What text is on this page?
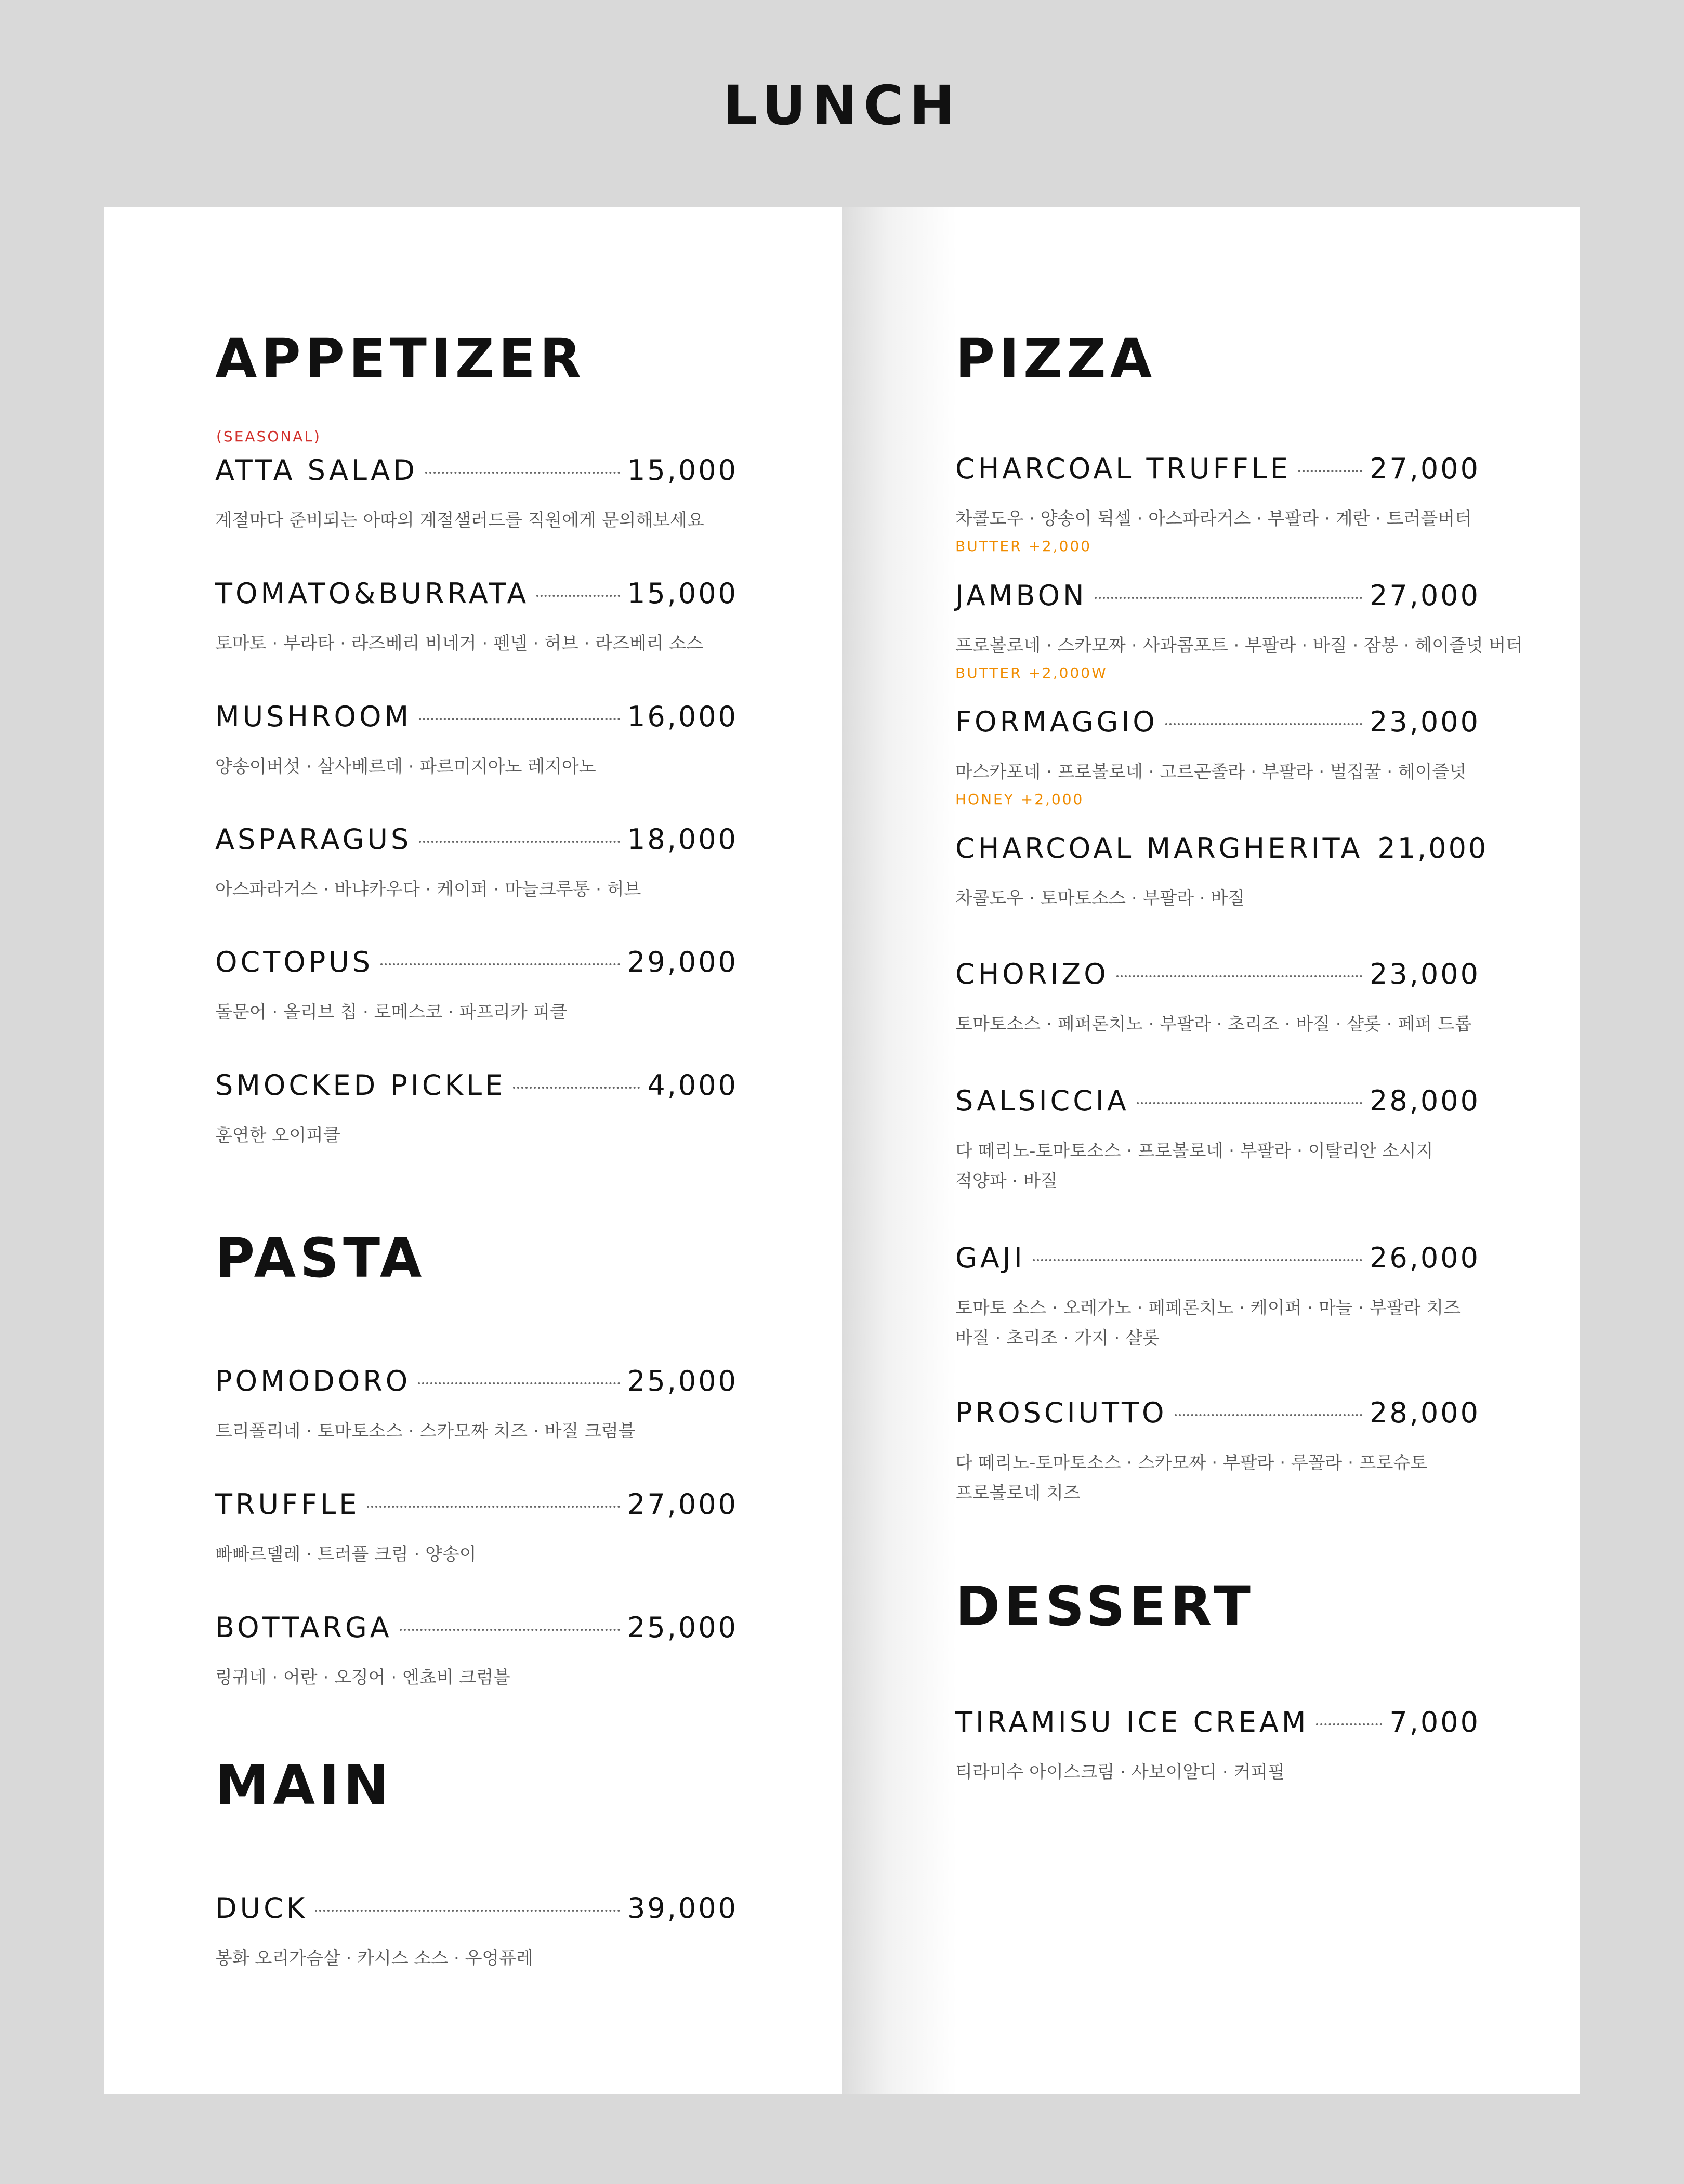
LUNCH
APPETIZER
(SEASONAL)
ATTA SALAD	15,000
계절마다 준비되는 아따의 계절샐러드를 직원에게 문의해보세요
TOMATO&BURRATA	15,000
토마토 · 부라타 · 라즈베리 비네거 · 펜넬 · 허브 · 라즈베리 소스
MUSHROOM	16,000
양송이버섯 · 살사베르데 · 파르미지아노 레지아노
ASPARAGUS	18,000
아스파라거스 · 바냐카우다 · 케이퍼 · 마늘크루통 · 허브
OCTOPUS	29,000
돌문어 · 올리브 칩 · 로메스코 · 파프리카 피클
SMOCKED PICKLE	4,000
훈연한 오이피클
PASTA
POMODORO	25,000
트리폴리네 · 토마토소스 · 스카모짜 치즈 · 바질 크럼블
TRUFFLE	27,000
빠빠르델레 · 트러플 크림 · 양송이
BOTTARGA	25,000
링귀네 · 어란 · 오징어 · 엔쵸비 크럼블
MAIN
DUCK	39,000
봉화 오리가슴살 · 카시스 소스 · 우엉퓨레
PIZZA
CHARCOAL TRUFFLE	27,000
차콜도우 · 양송이 뒥셀 · 아스파라거스 · 부팔라 · 계란 · 트러플버터
BUTTER +2,000
JAMBON	27,000
프로볼로네 · 스카모짜 · 사과콤포트 · 부팔라 · 바질 · 잠봉 · 헤이즐넛 버터
BUTTER +2,000W
FORMAGGIO	23,000
마스카포네 · 프로볼로네 · 고르곤졸라 · 부팔라 · 벌집꿀 · 헤이즐넛
HONEY +2,000
CHARCOAL MARGHERITA 21,000
차콜도우 · 토마토소스 · 부팔라 · 바질
CHORIZO	23,000
토마토소스 · 페퍼론치노 · 부팔라 · 초리조 · 바질 · 샬롯 · 페퍼 드롭
SALSICCIA	28,000
다 떼리노-토마토소스 · 프로볼로네 · 부팔라 · 이탈리안 소시지
적양파 · 바질
GAJI	26,000
토마토 소스 · 오레가노 · 페페론치노 · 케이퍼 · 마늘 · 부팔라 치즈
바질 · 초리조 · 가지 · 샬롯
PROSCIUTTO	28,000
다 떼리노-토마토소스 · 스카모짜 · 부팔라 · 루꼴라 · 프로슈토
프로볼로네 치즈
DESSERT
TIRAMISU ICE CREAM	7,000
티라미수 아이스크림 · 사보이알디 · 커피필
